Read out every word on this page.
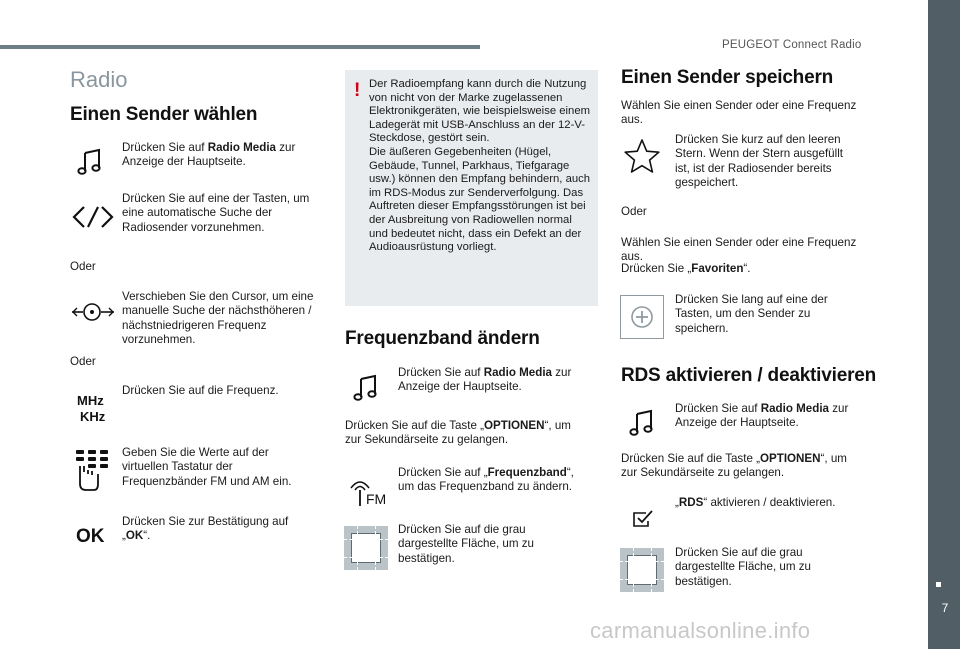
PEUGEOT Connect Radio
7
Radio
Einen Sender wählen
Drücken Sie auf Radio Media zur Anzeige der Hauptseite.
Drücken Sie auf eine der Tasten, um eine automatische Suche der Radiosender vorzunehmen.
Oder
Verschieben Sie den Cursor, um eine manuelle Suche der nächsthöheren / nächstniedrigeren Frequenz vorzunehmen.
Oder
MHz
KHz
Drücken Sie auf die Frequenz.
Geben Sie die Werte auf der virtuellen Tastatur der Frequenzbänder FM und AM ein.
OK
Drücken Sie zur Bestätigung auf „OK“.
! Der Radioempfang kann durch die Nutzung von nicht von der Marke zugelassenen Elektronikgeräten, wie beispielsweise einem Ladegerät mit USB-Anschluss an der 12-V-Steckdose, gestört sein.
Die äußeren Gegebenheiten (Hügel, Gebäude, Tunnel, Parkhaus, Tiefgarage usw.) können den Empfang behindern, auch im RDS-Modus zur Senderverfolgung. Das Auftreten dieser Empfangsstörungen ist bei der Ausbreitung von Radiowellen normal und bedeutet nicht, dass ein Defekt an der Audioausrüstung vorliegt.
Frequenzband ändern
Drücken Sie auf Radio Media zur Anzeige der Hauptseite.
Drücken Sie auf die Taste „OPTIONEN“, um zur Sekundärseite zu gelangen.
FM
Drücken Sie auf „Frequenzband“, um das Frequenzband zu ändern.
Drücken Sie auf die grau dargestellte Fläche, um zu bestätigen.
Einen Sender speichern
Wählen Sie einen Sender oder eine Frequenz aus.
Drücken Sie kurz auf den leeren Stern. Wenn der Stern ausgefüllt ist, ist der Radiosender bereits gespeichert.
Oder
Wählen Sie einen Sender oder eine Frequenz aus.
Drücken Sie „Favoriten“.
Drücken Sie lang auf eine der Tasten, um den Sender zu speichern.
RDS aktivieren / deaktivieren
Drücken Sie auf Radio Media zur Anzeige der Hauptseite.
Drücken Sie auf die Taste „OPTIONEN“, um zur Sekundärseite zu gelangen.
„RDS“ aktivieren / deaktivieren.
Drücken Sie auf die grau dargestellte Fläche, um zu bestätigen.
carmanualsonline.info
